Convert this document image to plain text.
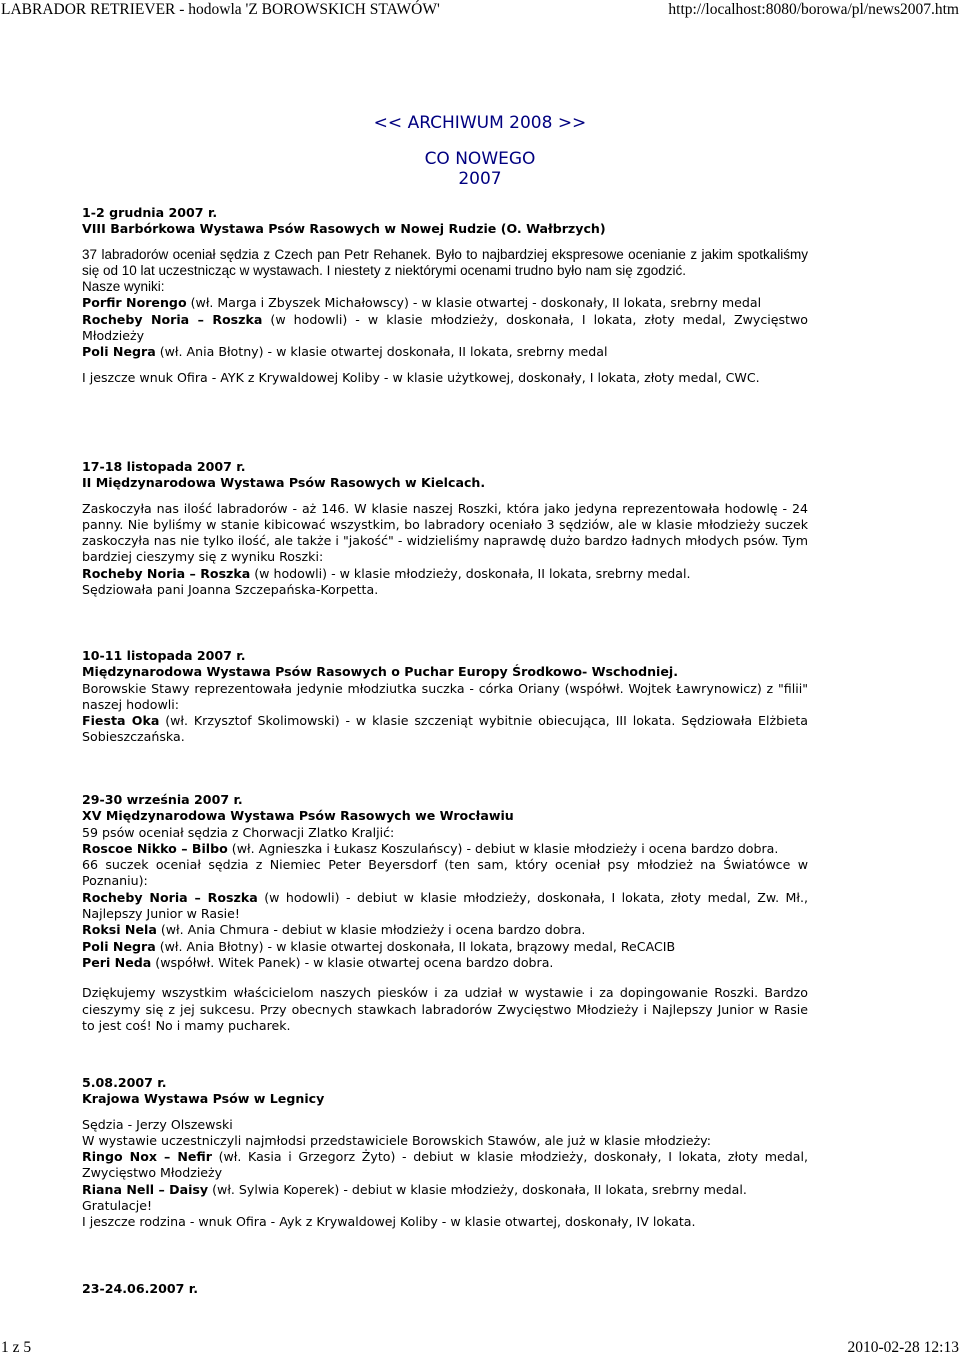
LABRADOR RETRIEVER - hodowla 'Z BOROWSKICH STAWÓW'	http://localhost:8080/borowa/pl/news2007.htm
<< ARCHIWUM 2008 >>
CO NOWEGO
2007

1-2 grudnia 2007 r.

VIII Barbórkowa Wystawa Psów Rasowych w Nowej Rudzie (O. Wałbrzych)

37 labradorów oceniał sędzia z Czech pan Petr Rehanek. Było to najbardziej ekspresowe ocenianie z jakim spotkaliśmy się od 10 lat uczestnicząc w wystawach. I niestety z niektórymi ocenami trudno było nam się zgodzić.

Nasze wyniki:

Porfir Norengo (wł. Marga i Zbyszek Michałowscy) - w klasie otwartej - doskonały, II lokata, srebrny medal

Rocheby Noria – Roszka (w hodowli) - w klasie młodzieży, doskonała, I lokata, złoty medal, Zwycięstwo Młodzieży

Poli Negra (wł. Ania Błotny) - w klasie otwartej doskonała, II lokata, srebrny medal

I jeszcze wnuk Ofira - AYK z Krywaldowej Koliby - w klasie użytkowej, doskonały, I lokata, złoty medal, CWC.

17-18 listopada 2007 r.

II Międzynarodowa Wystawa Psów Rasowych w Kielcach.

Zaskoczyła nas ilość labradorów - aż 146. W klasie naszej Roszki, która jako jedyna reprezentowała hodowlę - 24 panny. Nie byliśmy w stanie kibicować wszystkim, bo labradory oceniało 3 sędziów, ale w klasie młodzieży suczek zaskoczyła nas nie tylko ilość, ale także i "jakość" - widzieliśmy naprawdę dużo bardzo ładnych młodych psów. Tym bardziej cieszymy się z wyniku Roszki:

Rocheby Noria – Roszka (w hodowli) - w klasie młodzieży, doskonała, II lokata, srebrny medal.

Sędziowała pani Joanna Szczepańska-Korpetta.

10-11 listopada 2007 r.

Międzynarodowa Wystawa Psów Rasowych o Puchar Europy Środkowo- Wschodniej.

Borowskie Stawy reprezentowała jedynie młodziutka suczka - córka Oriany (współwł. Wojtek Ławrynowicz) z "filii" naszej hodowli:

Fiesta Oka (wł. Krzysztof Skolimowski) - w klasie szczeniąt wybitnie obiecująca, III lokata. Sędziowała Elżbieta Sobieszczańska.

29-30 września 2007 r.

XV Międzynarodowa Wystawa Psów Rasowych we Wrocławiu

59 psów oceniał sędzia z Chorwacji Zlatko Kraljić:

Roscoe Nikko – Bilbo (wł. Agnieszka i Łukasz Koszulańscy) - debiut w klasie młodzieży i ocena bardzo dobra.

66 suczek oceniał sędzia z Niemiec Peter Beyersdorf (ten sam, który oceniał psy młodzież na Światówce w Poznaniu):

Rocheby Noria – Roszka (w hodowli) - debiut w klasie młodzieży, doskonała, I lokata, złoty medal, Zw. Mł., Najlepszy Junior w Rasie!

Roksi Nela (wł. Ania Chmura - debiut w klasie młodzieży i ocena bardzo dobra.

Poli Negra (wł. Ania Błotny) - w klasie otwartej doskonała, II lokata, brązowy medal, ReCACIB

Peri Neda (współwł. Witek Panek) - w klasie otwartej ocena bardzo dobra.

Dziękujemy wszystkim właścicielom naszych piesków i za udział w wystawie i za dopingowanie Roszki. Bardzo cieszymy się z jej sukcesu. Przy obecnych stawkach labradorów Zwycięstwo Młodzieży i Najlepszy Junior w Rasie to jest coś! No i mamy pucharek.

5.08.2007 r.

Krajowa Wystawa Psów w Legnicy

Sędzia - Jerzy Olszewski

W wystawie uczestniczyli najmłodsi przedstawiciele Borowskich Stawów, ale już w klasie młodzieży:

Ringo Nox – Nefir (wł. Kasia i Grzegorz Żyto) - debiut w klasie młodzieży, doskonały, I lokata, złoty medal, Zwycięstwo Młodzieży

Riana Nell – Daisy (wł. Sylwia Koperek) - debiut w klasie młodzieży, doskonała, II lokata, srebrny medal.

Gratulacje!

I jeszcze rodzina - wnuk Ofira - Ayk z Krywaldowej Koliby - w klasie otwartej, doskonały, IV lokata.

23-24.06.2007 r.

1 z 5	2010-02-28 12:13
